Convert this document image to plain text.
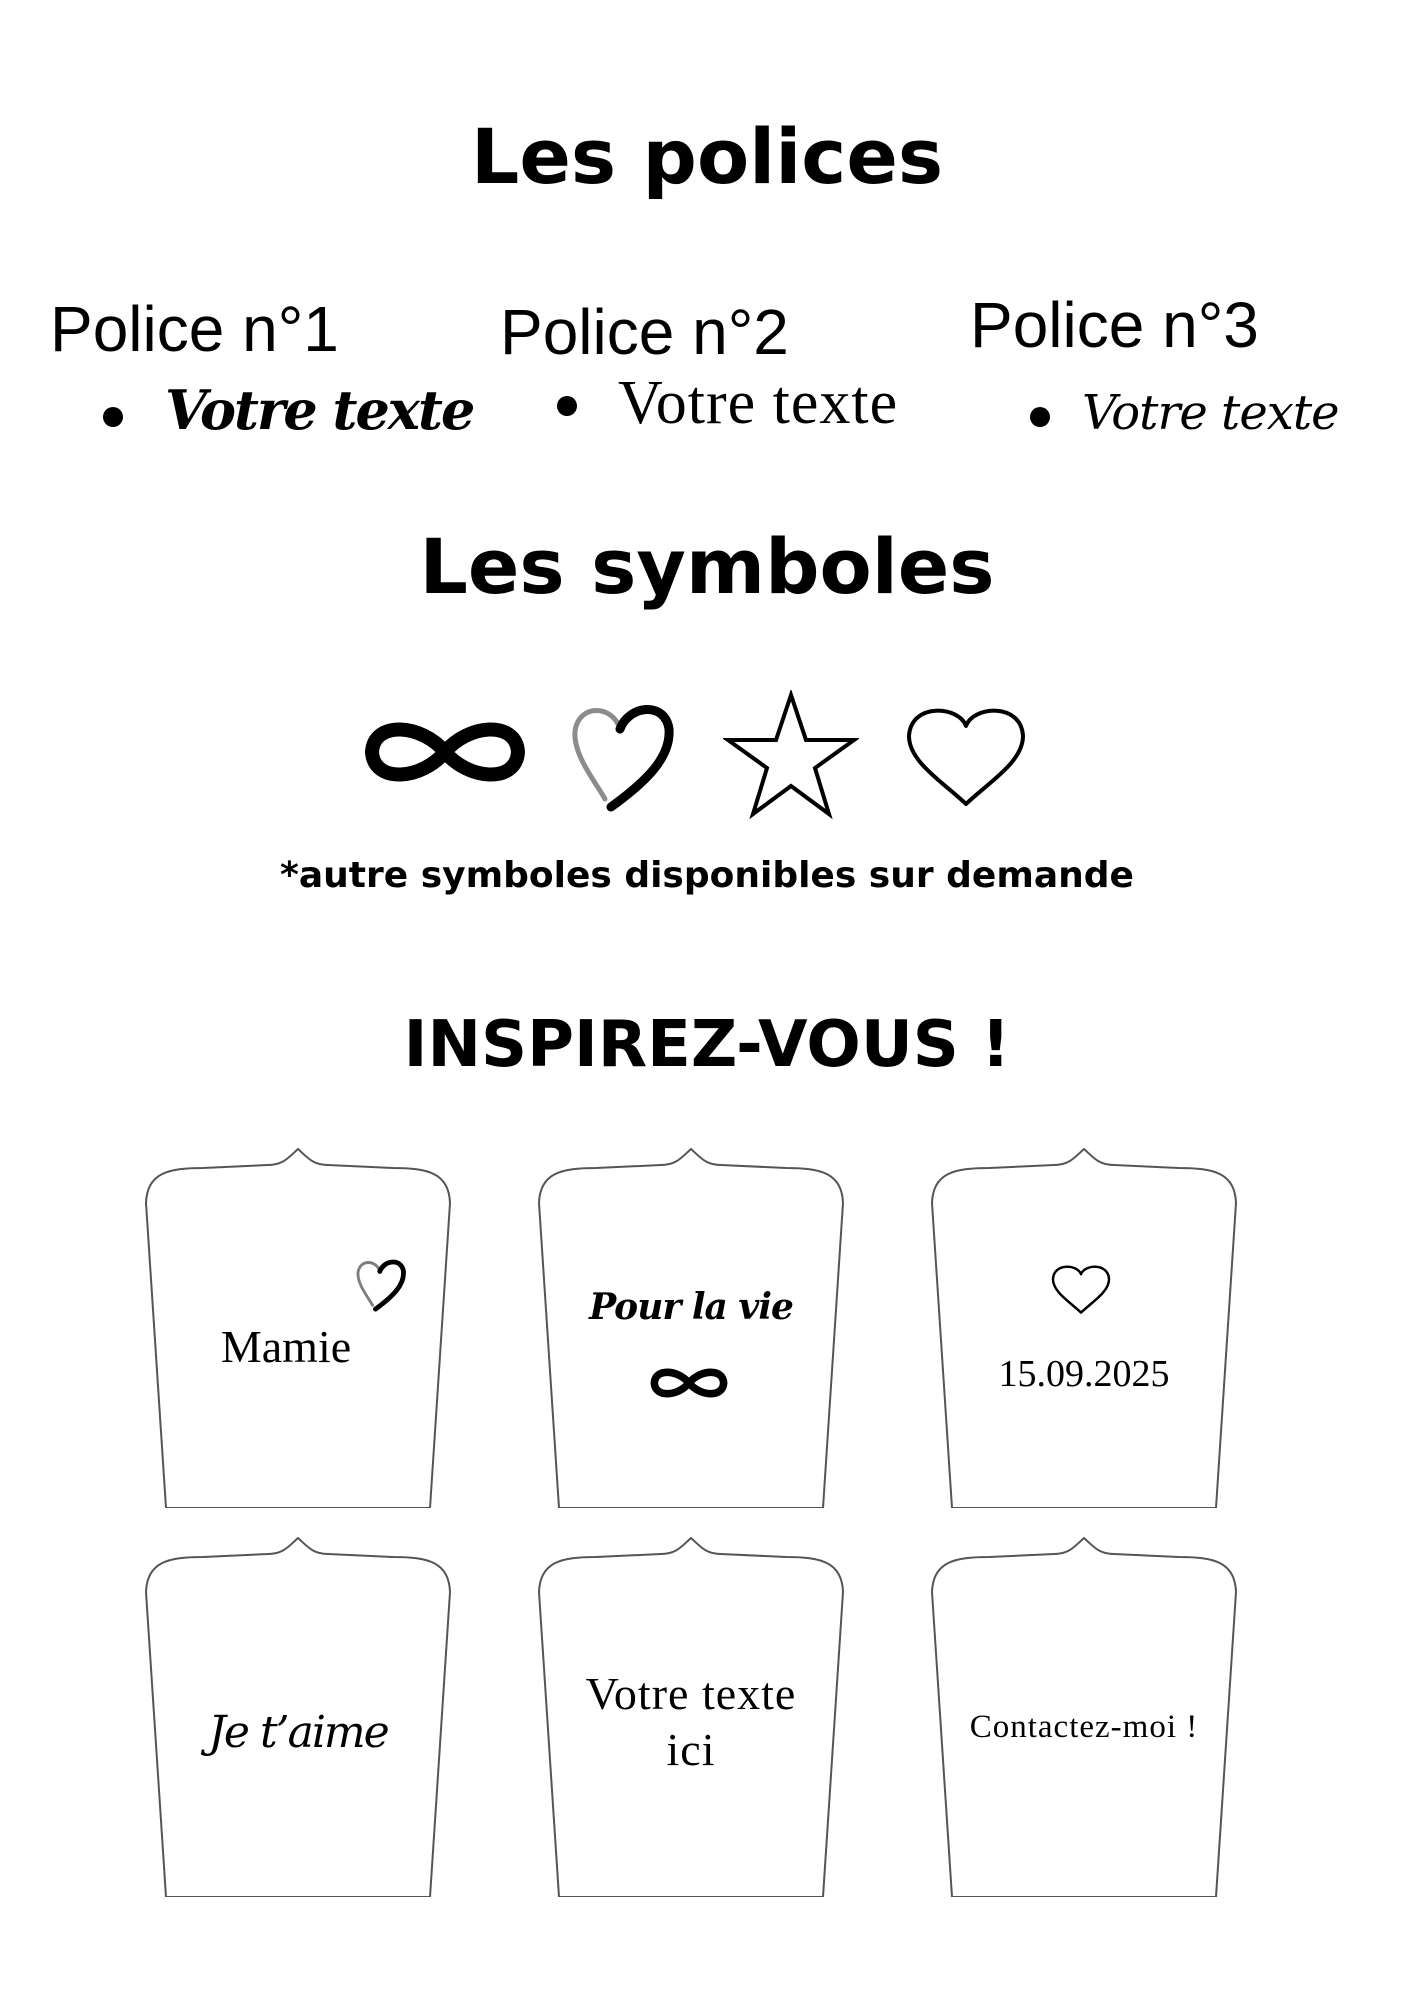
Les polices
Police n°1
Votre texte
Police n°2
Votre texte
Police n°3
Votre texte
Les symboles
*autre symboles disponibles sur demande
INSPIREZ-VOUS !
Mamie
Pour la vie
15.09.2025
Je t’aime
Votre texte
ici	Contactez-moi !
